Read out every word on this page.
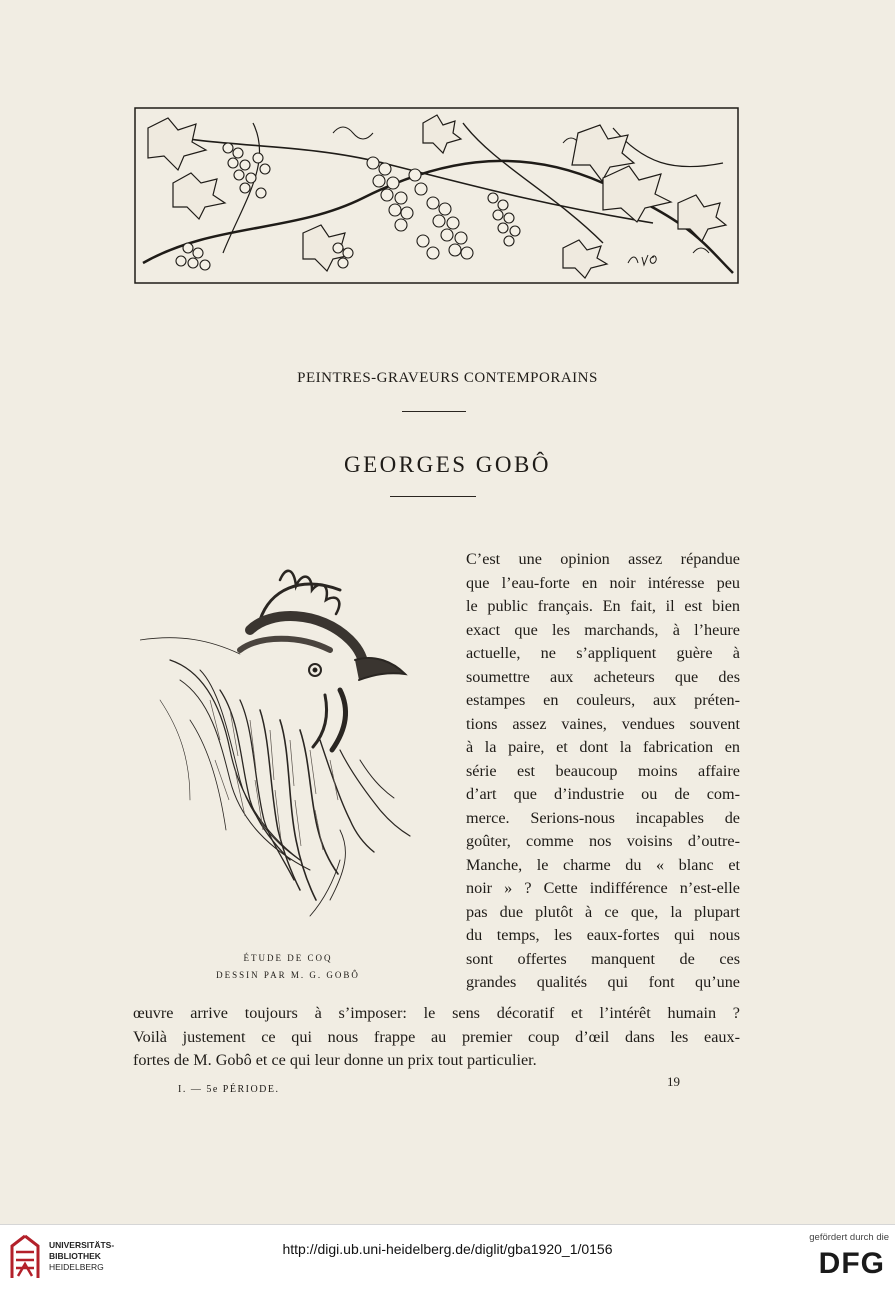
PEINTRES-GRAVEURS CONTEMPORAINS
GEORGES GOBÔ
ÉTUDE DE COQ
DESSIN PAR M. G. GOBÔ
C’est une opinion assez répandue
que l’eau-forte en noir intéresse peu
le public français. En fait, il est bien
exact que les marchands, à l’heure
actuelle, ne s’appliquent guère à
soumettre aux acheteurs que des
estampes en couleurs, aux préten-
tions assez vaines, vendues souvent
à la paire, et dont la fabrication en
série est beaucoup moins affaire
d’art que d’industrie ou de com-
merce. Serions-nous incapables de
goûter, comme nos voisins d’outre-
Manche, le charme du « blanc et
noir » ? Cette indifférence n’est-elle
pas due plutôt à ce que, la plupart
du temps, les eaux-fortes qui nous
sont offertes manquent de ces
grandes qualités qui font qu’une
œuvre arrive toujours à s’imposer: le sens décoratif et l’intérêt humain ?
Voilà justement ce qui nous frappe au premier coup d’œil dans les eaux-
fortes de M. Gobô et ce qui leur donne un prix tout particulier.
I. — 5e PÉRIODE.
19
UNIVERSITÄTS-
BIBLIOTHEK
HEIDELBERG
http://digi.ub.uni-heidelberg.de/diglit/gba1920_1/0156
gefördert durch die
DFG
